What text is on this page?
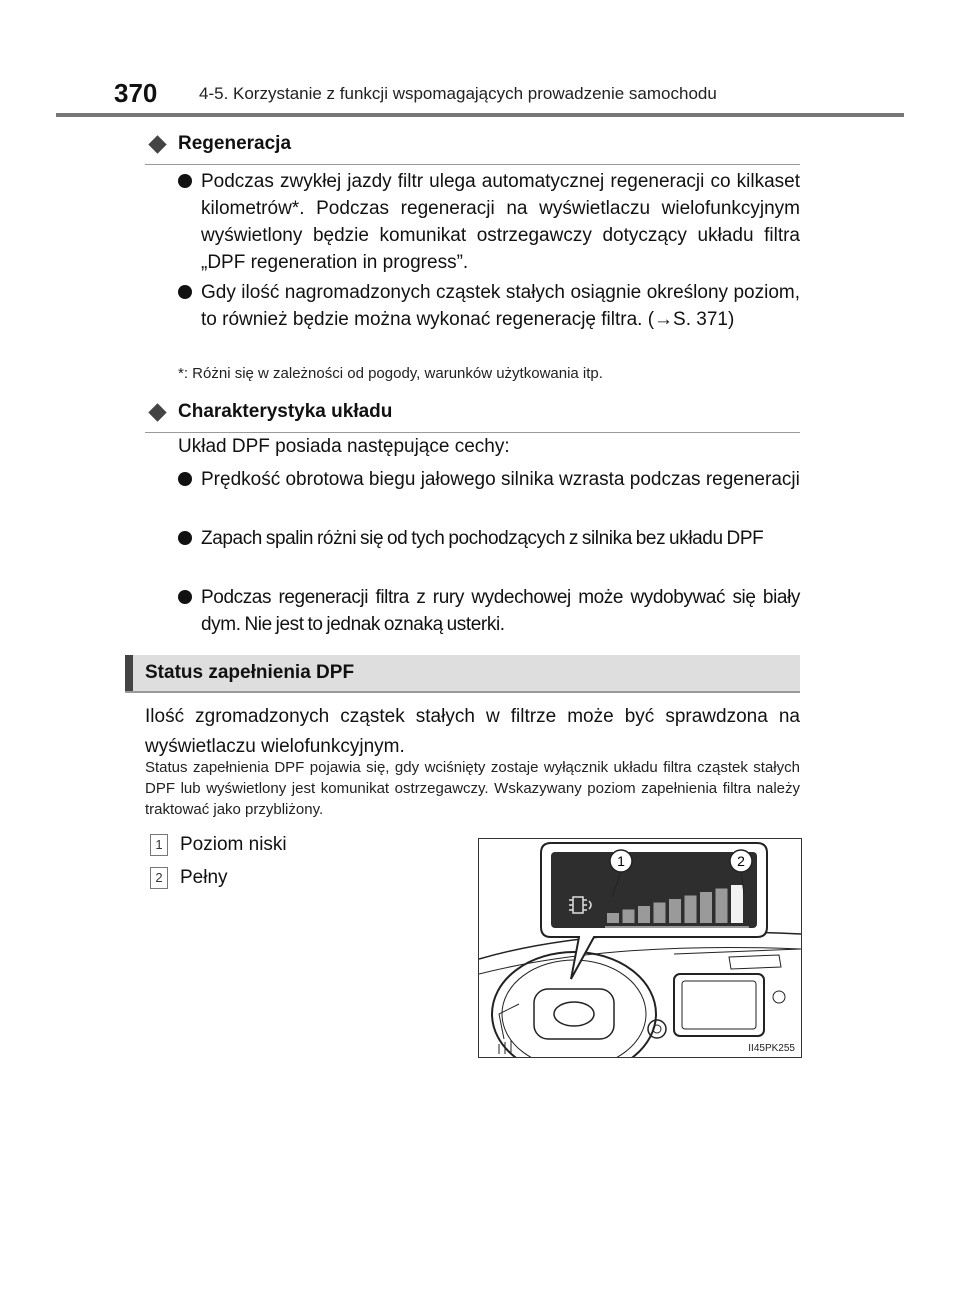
370 4-5. Korzystanie z funkcji wspomagających prowadzenie samochodu
Regeneracja
Podczas zwykłej jazdy filtr ulega automatycznej regeneracji co kilkaset kilometrów*. Podczas regeneracji na wyświetlaczu wielofunkcyjnym wyświetlony będzie komunikat ostrzegawczy dotyczący układu filtra „DPF regeneration in progress”.
Gdy ilość nagromadzonych cząstek stałych osiągnie określony poziom, to również będzie można wykonać regenerację filtra. (→S. 371)
*: Różni się w zależności od pogody, warunków użytkowania itp.
Charakterystyka układu
Układ DPF posiada następujące cechy:
Prędkość obrotowa biegu jałowego silnika wzrasta podczas regeneracji
Zapach spalin różni się od tych pochodzących z silnika bez układu DPF
Podczas regeneracji filtra z rury wydechowej może wydobywać się biały dym. Nie jest to jednak oznaką usterki.
Status zapełnienia DPF
Ilość zgromadzonych cząstek stałych w filtrze może być sprawdzona na wyświetlaczu wielofunkcyjnym.
Status zapełnienia DPF pojawia się, gdy wciśnięty zostaje wyłącznik układu filtra cząstek stałych DPF lub wyświetlony jest komunikat ostrzegawczy. Wskazywany poziom zapełnienia filtra należy traktować jako przybliżony.
1 Poziom niski
2 Pełny
1	2
II45PK255
